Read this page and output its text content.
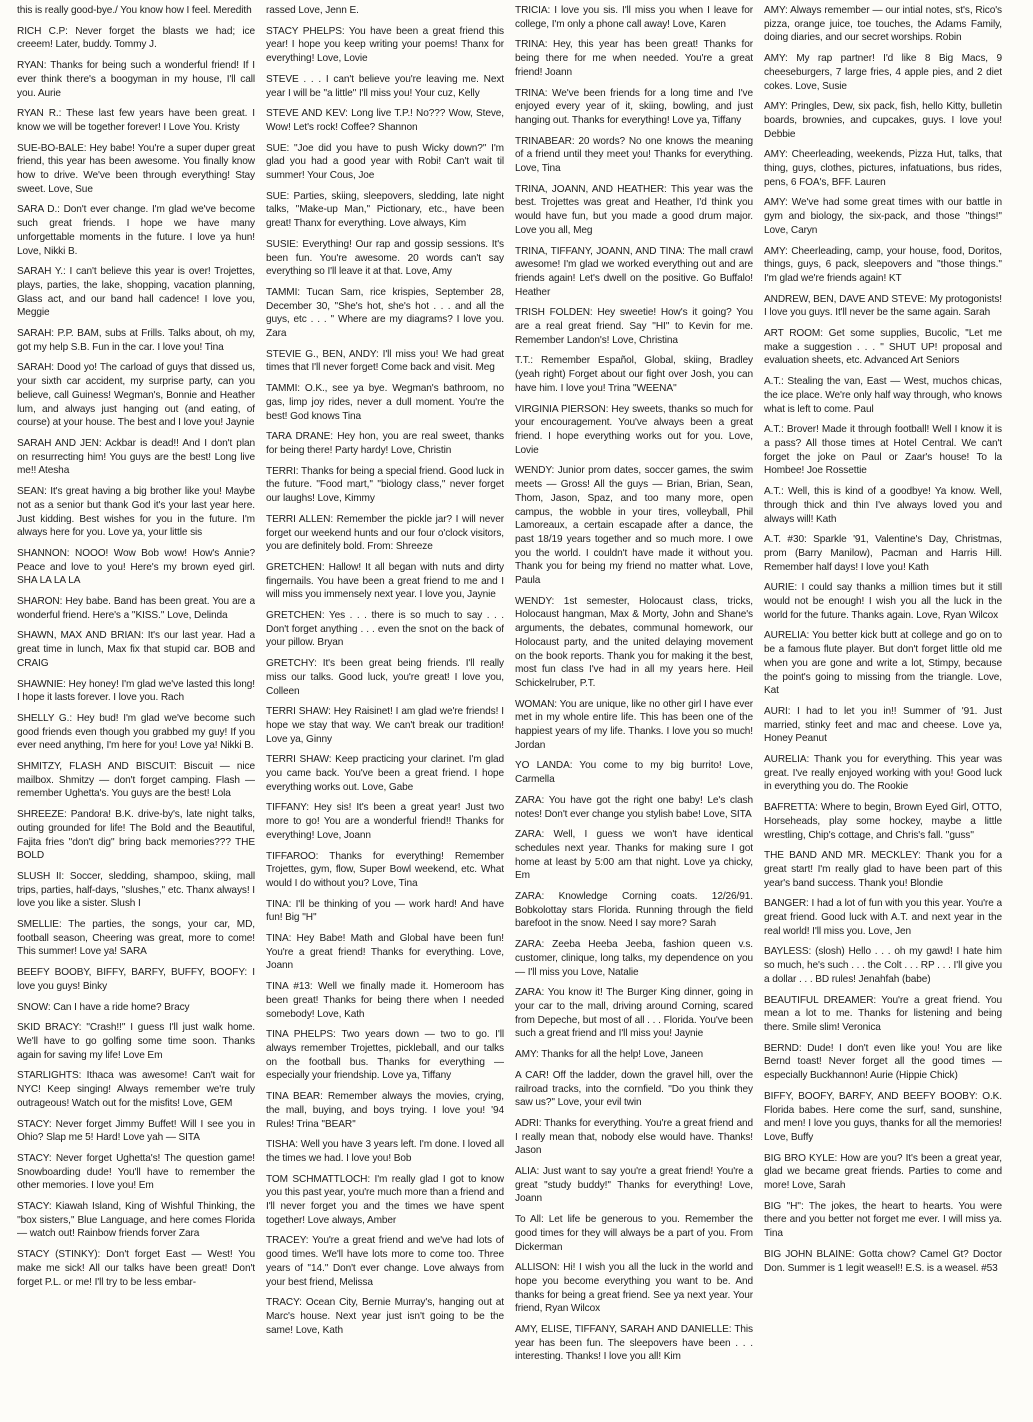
this is really good-bye./ You know how I feel. Meredith

RICH C.P: Never forget the blasts we had; ice creeem! Later, buddy. Tommy J.

RYAN: Thanks for being such a wonderful friend! If I ever think there's a boogyman in my house, I'll call you. Aurie

RYAN R.: These last few years have been great. I know we will be together forever! I Love You. Kristy

SUE-BO-BALE: Hey babe! You're a super duper great friend, this year has been awesome. You finally know how to drive. We've been through everything! Stay sweet. Love, Sue

SARA D.: Don't ever change. I'm glad we've become such great friends. I hope we have many unforgettable moments in the future. I love ya hun! Love, Nikki B.

SARAH Y.: I can't believe this year is over! Trojettes, plays, parties, the lake, shopping, vacation planning, Glass act, and our band hall cadence! I love you, Meggie

SARAH: P.P. BAM, subs at Frills. Talks about, oh my, got my help S.B. Fun in the car. I love you! Tina

SARAH: Dood yo! The carload of guys that dissed us, your sixth car accident, my surprise party, can you believe, call Guiness! Wegman's, Bonnie and Heather lum, and always just hanging out (and eating, of course) at your house. The best and I love you! Jaynie

SARAH AND JEN: Ackbar is dead!! And I don't plan on resurrecting him! You guys are the best! Long live me!! Atesha

SEAN: It's great having a big brother like you! Maybe not as a senior but thank God it's your last year here. Just kidding. Best wishes for you in the future. I'm always here for you. Love ya, your little sis

SHANNON: NOOO! Wow Bob wow! How's Annie? Peace and love to you! Here's my brown eyed girl. SHA LA LA LA

SHARON: Hey babe. Band has been great. You are a wonderful friend. Here's a ''KISS.'' Love, Delinda

SHAWN, MAX AND BRIAN: It's our last year. Had a great time in lunch, Max fix that stupid car. BOB and CRAIG

SHAWNIE: Hey honey! I'm glad we've lasted this long! I hope it lasts forever. I love you. Rach

SHELLY G.: Hey bud! I'm glad we've become such good friends even though you grabbed my guy! If you ever need anything, I'm here for you! Love ya! Nikki B.

SHMITZY, FLASH AND BISCUIT: Biscuit — nice mailbox. Shmitzy — don't forget camping. Flash — remember Ughetta's. You guys are the best! Lola

SHREEZE: Pandora! B.K. drive-by's, late night talks, outing grounded for life! The Bold and the Beautiful, Fajita fries ''don't dig'' bring back memories??? THE BOLD

SLUSH II: Soccer, sledding, shampoo, skiing, mall trips, parties, half-days, ''slushes,'' etc. Thanx always! I love you like a sister. Slush I

SMELLIE: The parties, the songs, your car, MD, football season, Cheering was great, more to come! This summer! Love ya! SARA

BEEFY BOOBY, BIFFY, BARFY, BUFFY, BOOFY: I love you guys! Binky

SNOW: Can I have a ride home? Bracy

SKID BRACY: ''Crash!!'' I guess I'll just walk home. We'll have to go golfing some time soon. Thanks again for saving my life! Love Em

STARLIGHTS: Ithaca was awesome! Can't wait for NYC! Keep singing! Always remember we're truly outrageous! Watch out for the misfits! Love, GEM

STACY: Never forget Jimmy Buffet! Will I see you in Ohio? Slap me 5! Hard! Love yah — SITA

STACY: Never forget Ughetta's! The question game! Snowboarding dude! You'll have to remember the other memories. I love you! Em

STACY: Kiawah Island, King of Wishful Thinking, the ''box sisters,'' Blue Language, and here comes Florida — watch out! Rainbow friends forver Zara

STACY (STINKY): Don't forget East — West! You make me sick! All our talks have been great! Don't forget P.L. or me! I'll try to be less embar-

rassed Love, Jenn E.

STACY PHELPS: You have been a great friend this year! I hope you keep writing your poems! Thanx for everything! Love, Lovie

STEVE . . . I can't believe you're leaving me. Next year I will be ''a little'' I'll miss you! Your cuz, Kelly

STEVE AND KEV: Long live T.P.! No??? Wow, Steve, Wow! Let's rock! Coffee? Shannon

SUE: ''Joe did you have to push Wicky down?'' I'm glad you had a good year with Robi! Can't wait til summer! Your Cous, Joe

SUE: Parties, skiing, sleepovers, sledding, late night talks, ''Make-up Man,'' Pictionary, etc., have been great! Thanx for everything. Love always, Kim

SUSIE: Everything! Our rap and gossip sessions. It's been fun. You're awesome. 20 words can't say everything so I'll leave it at that. Love, Amy

TAMMI: Tucan Sam, rice krispies, September 28, December 30, ''She's hot, she's hot . . . and all the guys, etc . . . '' Where are my diagrams? I love you. Zara

STEVIE G., BEN, ANDY: I'll miss you! We had great times that I'll never forget! Come back and visit. Meg

TAMMI: O.K., see ya bye. Wegman's bathroom, no gas, limp joy rides, never a dull moment. You're the best! God knows Tina

TARA DRANE: Hey hon, you are real sweet, thanks for being there! Party hardy! Love, Christin

TERRI: Thanks for being a special friend. Good luck in the future. ''Food mart,'' ''biology class,'' never forget our laughs! Love, Kimmy

TERRI ALLEN: Remember the pickle jar? I will never forget our weekend hunts and our four o'clock visitors, you are definitely bold. From: Shreeze

GRETCHEN: Hallow! It all began with nuts and dirty fingernails. You have been a great friend to me and I will miss you immensely next year. I love you, Jaynie

GRETCHEN: Yes . . . there is so much to say . . . Don't forget anything . . . even the snot on the back of your pillow. Bryan

GRETCHY: It's been great being friends. I'll really miss our talks. Good luck, you're great! I love you, Colleen

TERRI SHAW: Hey Raisinet! I am glad we're friends! I hope we stay that way. We can't break our tradition! Love ya, Ginny

TERRI SHAW: Keep practicing your clarinet. I'm glad you came back. You've been a great friend. I hope everything works out. Love, Gabe

TIFFANY: Hey sis! It's been a great year! Just two more to go! You are a wonderful friend!! Thanks for everything! Love, Joann

TIFFAROO: Thanks for everything! Remember Trojettes, gym, flow, Super Bowl weekend, etc. What would I do without you? Love, Tina

TINA: I'll be thinking of you — work hard! And have fun! Big ''H''

TINA: Hey Babe! Math and Global have been fun! You're a great friend! Thanks for everything. Love, Joann

TINA #13: Well we finally made it. Homeroom has been great! Thanks for being there when I needed somebody! Love, Kath

TINA PHELPS: Two years down — two to go. I'll always remember Trojettes, pickleball, and our talks on the football bus. Thanks for everything — especially your friendship. Love ya, Tiffany

TINA BEAR: Remember always the movies, crying, the mall, buying, and boys trying. I love you! '94 Rules! Trina ''BEAR''

TISHA: Well you have 3 years left. I'm done. I loved all the times we had. I love you! Bob

TOM SCHMATTLOCH: I'm really glad I got to know you this past year, you're much more than a friend and I'll never forget you and the times we have spent together! Love always, Amber

TRACEY: You're a great friend and we've had lots of good times. We'll have lots more to come too. Three years of ''14.'' Don't ever change. Love always from your best friend, Melissa

TRACY: Ocean City, Bernie Murray's, hanging out at Marc's house. Next year just isn't going to be the same! Love, Kath

TRICIA: I love you sis. I'll miss you when I leave for college, I'm only a phone call away! Love, Karen

TRINA: Hey, this year has been great! Thanks for being there for me when needed. You're a great friend! Joann

TRINA: We've been friends for a long time and I've enjoyed every year of it, skiing, bowling, and just hanging out. Thanks for everything! Love ya, Tiffany

TRINABEAR: 20 words? No one knows the meaning of a friend until they meet you! Thanks for everything. Love, Tina

TRINA, JOANN, AND HEATHER: This year was the best. Trojettes was great and Heather, I'd think you would have fun, but you made a good drum major. Love you all, Meg

TRINA, TIFFANY, JOANN, AND TINA: The mall crawl awesome! I'm glad we worked everything out and are friends again! Let's dwell on the positive. Go Buffalo! Heather

TRISH FOLDEN: Hey sweetie! How's it going? You are a real great friend. Say ''HI'' to Kevin for me. Remember Landon's! Love, Christina

T.T.: Remember Español, Global, skiing, Bradley (yeah right) Forget about our fight over Josh, you can have him. I love you! Trina ''WEENA''

VIRGINIA PIERSON: Hey sweets, thanks so much for your encouragement. You've always been a great friend. I hope everything works out for you. Love, Lovie

WENDY: Junior prom dates, soccer games, the swim meets — Gross! All the guys — Brian, Brian, Sean, Thom, Jason, Spaz, and too many more, open campus, the wobble in your tires, volleyball, Phil Lamoreaux, a certain escapade after a dance, the past 18/19 years together and so much more. I owe you the world. I couldn't have made it without you. Thank you for being my friend no matter what. Love, Paula

WENDY: 1st semester, Holocaust class, tricks, Holocaust hangman, Max & Morty, John and Shane's arguments, the debates, communal homework, our Holocaust party, and the united delaying movement on the book reports. Thank you for making it the best, most fun class I've had in all my years here. Heil Schickelruber, P.T.

WOMAN: You are unique, like no other girl I have ever met in my whole entire life. This has been one of the happiest years of my life. Thanks. I love you so much! Jordan

YO LANDA: You come to my big burrito! Love, Carmella

ZARA: You have got the right one baby! Le's clash notes! Don't ever change you stylish babe! Love, SITA

ZARA: Well, I guess we won't have identical schedules next year. Thanks for making sure I got home at least by 5:00 am that night. Love ya chicky, Em

ZARA: Knowledge Corning coats. 12/26/91. Bobkolottay stars Florida. Running through the field barefoot in the snow. Need I say more? Sarah

ZARA: Zeeba Heeba Jeeba, fashion queen v.s. customer, clinique, long talks, my dependence on you — I'll miss you Love, Natalie

ZARA: You know it! The Burger King dinner, going in your car to the mall, driving around Corning, scared from Depeche, but most of all . . . Florida. You've been such a great friend and I'll miss you! Jaynie

AMY: Thanks for all the help! Love, Janeen

A CAR! Off the ladder, down the gravel hill, over the railroad tracks, into the cornfield. ''Do you think they saw us?'' Love, your evil twin

ADRI: Thanks for everything. You're a great friend and I really mean that, nobody else would have. Thanks! Jason

ALIA: Just want to say you're a great friend! You're a great ''study buddy!'' Thanks for everything! Love, Joann

To All: Let life be generous to you. Remember the good times for they will always be a part of you. From Dickerman

ALLISON: Hi! I wish you all the luck in the world and hope you become everything you want to be. And thanks for being a great friend. See ya next year. Your friend, Ryan Wilcox

AMY, ELISE, TIFFANY, SARAH AND DANIELLE: This year has been fun. The sleepovers have been . . . interesting. Thanks! I love you all! Kim

AMY: Always remember — our intial notes, st's, Rico's pizza, orange juice, toe touches, the Adams Family, doing diaries, and our secret worships. Robin

AMY: My rap partner! I'd like 8 Big Macs, 9 cheeseburgers, 7 large fries, 4 apple pies, and 2 diet cokes. Love, Susie

AMY: Pringles, Dew, six pack, fish, hello Kitty, bulletin boards, brownies, and cupcakes, guys. I love you! Debbie

AMY: Cheerleading, weekends, Pizza Hut, talks, that thing, guys, clothes, pictures, infatuations, bus rides, pens, 6 FOA's, BFF. Lauren

AMY: We've had some great times with our battle in gym and biology, the six-pack, and those ''things!'' Love, Caryn

AMY: Cheerleading, camp, your house, food, Doritos, things, guys, 6 pack, sleepovers and ''those things.'' I'm glad we're friends again! KT

ANDREW, BEN, DAVE AND STEVE: My protogonists! I love you guys. It'll never be the same again. Sarah

ART ROOM: Get some supplies, Bucolic, ''Let me make a suggestion . . . '' SHUT UP! proposal and evaluation sheets, etc. Advanced Art Seniors

A.T.: Stealing the van, East — West, muchos chicas, the ice place. We're only half way through, who knows what is left to come. Paul

A.T.: Brover! Made it through football! Well I know it is a pass? All those times at Hotel Central. We can't forget the joke on Paul or Zaar's house! To la Hombee! Joe Rossettie

A.T.: Well, this is kind of a goodbye! Ya know. Well, through thick and thin I've always loved you and always will! Kath

A.T. #30: Sparkle '91, Valentine's Day, Christmas, prom (Barry Manilow), Pacman and Harris Hill. Remember half days! I love you! Kath

AURIE: I could say thanks a million times but it still would not be enough! I wish you all the luck in the world for the future. Thanks again. Love, Ryan Wilcox

AURELIA: You better kick butt at college and go on to be a famous flute player. But don't forget little old me when you are gone and write a lot, Stimpy, because the point's going to missing from the triangle. Love, Kat

AURI: I had to let you in!! Summer of '91. Just married, stinky feet and mac and cheese. Love ya, Honey Peanut

AURELIA: Thank you for everything. This year was great. I've really enjoyed working with you! Good luck in everything you do. The Rookie

BAFRETTA: Where to begin, Brown Eyed Girl, OTTO, Horseheads, play some hockey, maybe a little wrestling, Chip's cottage, and Chris's fall. ''guss''

THE BAND AND MR. MECKLEY: Thank you for a great start! I'm really glad to have been part of this year's band success. Thank you! Blondie

BANGER: I had a lot of fun with you this year. You're a great friend. Good luck with A.T. and next year in the real world! I'll miss you. Love, Jen

BAYLESS: (slosh) Hello . . . oh my gawd! I hate him so much, he's such . . . the Colt . . . RP . . . I'll give you a dollar . . . BD rules! Jenahfah (babe)

BEAUTIFUL DREAMER: You're a great friend. You mean a lot to me. Thanks for listening and being there. Smile slim! Veronica

BERND: Dude! I don't even like you! You are like Bernd toast! Never forget all the good times — especially Buckhannon! Aurie (Hippie Chick)

BIFFY, BOOFY, BARFY, AND BEEFY BOOBY: O.K. Florida babes. Here come the surf, sand, sunshine, and men! I love you guys, thanks for all the memories! Love, Buffy

BIG BRO KYLE: How are you? It's been a great year, glad we became great friends. Parties to come and more! Love, Sarah

BIG ''H'': The jokes, the heart to hearts. You were there and you better not forget me ever. I will miss ya. Tina

BIG JOHN BLAINE: Gotta chow? Camel Gt? Doctor Don. Summer is 1 legit weasel!! E.S. is a weasel. #53
